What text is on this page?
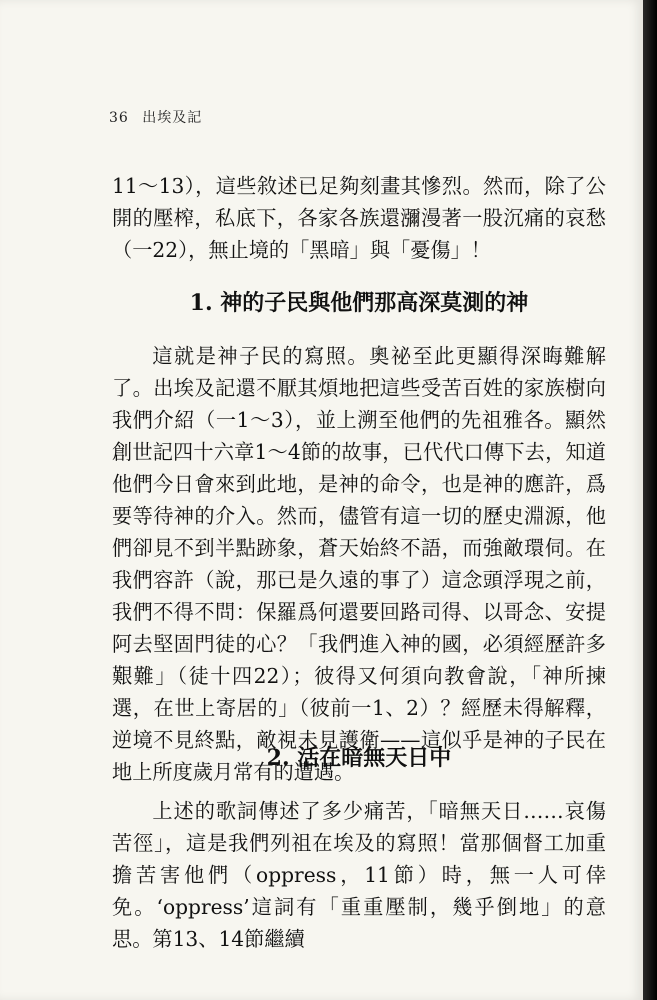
36 出埃及記
11～13），這些敘述已足夠刻畫其慘烈。然而，除了公開的壓榨，私底下，各家各族還瀰漫著一股沉痛的哀愁（一22），無止境的「黑暗」與「憂傷」！
1. 神的子民與他們那高深莫測的神
這就是神子民的寫照。奧祕至此更顯得深晦難解了。出埃及記還不厭其煩地把這些受苦百姓的家族樹向我們介紹（一1～3），並上溯至他們的先祖雅各。顯然創世記四十六章1～4節的故事，已代代口傳下去，知道他們今日會來到此地，是神的命令，也是神的應許，爲要等待神的介入。然而，儘管有這一切的歷史淵源，他們卻見不到半點跡象，蒼天始終不語，而強敵環伺。在我們容許（說，那已是久遠的事了）這念頭浮現之前，我們不得不問：保羅爲何還要回路司得、以哥念、安提阿去堅固門徒的心？「我們進入神的國，必須經歷許多艱難」（徒十四22）；彼得又何須向教會說，「神所揀選，在世上寄居的」（彼前一1、2）？經歷未得解釋，逆境不見終點，敵視未見護衛——這似乎是神的子民在地上所度歲月常有的遭遇。
2. 活在暗無天日中
上述的歌詞傳述了多少痛苦，「暗無天日……哀傷苦徑」，這是我們列祖在埃及的寫照！當那個督工加重擔苦害他們（oppress，11節）時，無一人可倖免。‘oppress’這詞有「重重壓制，幾乎倒地」的意思。第13、14節繼續
